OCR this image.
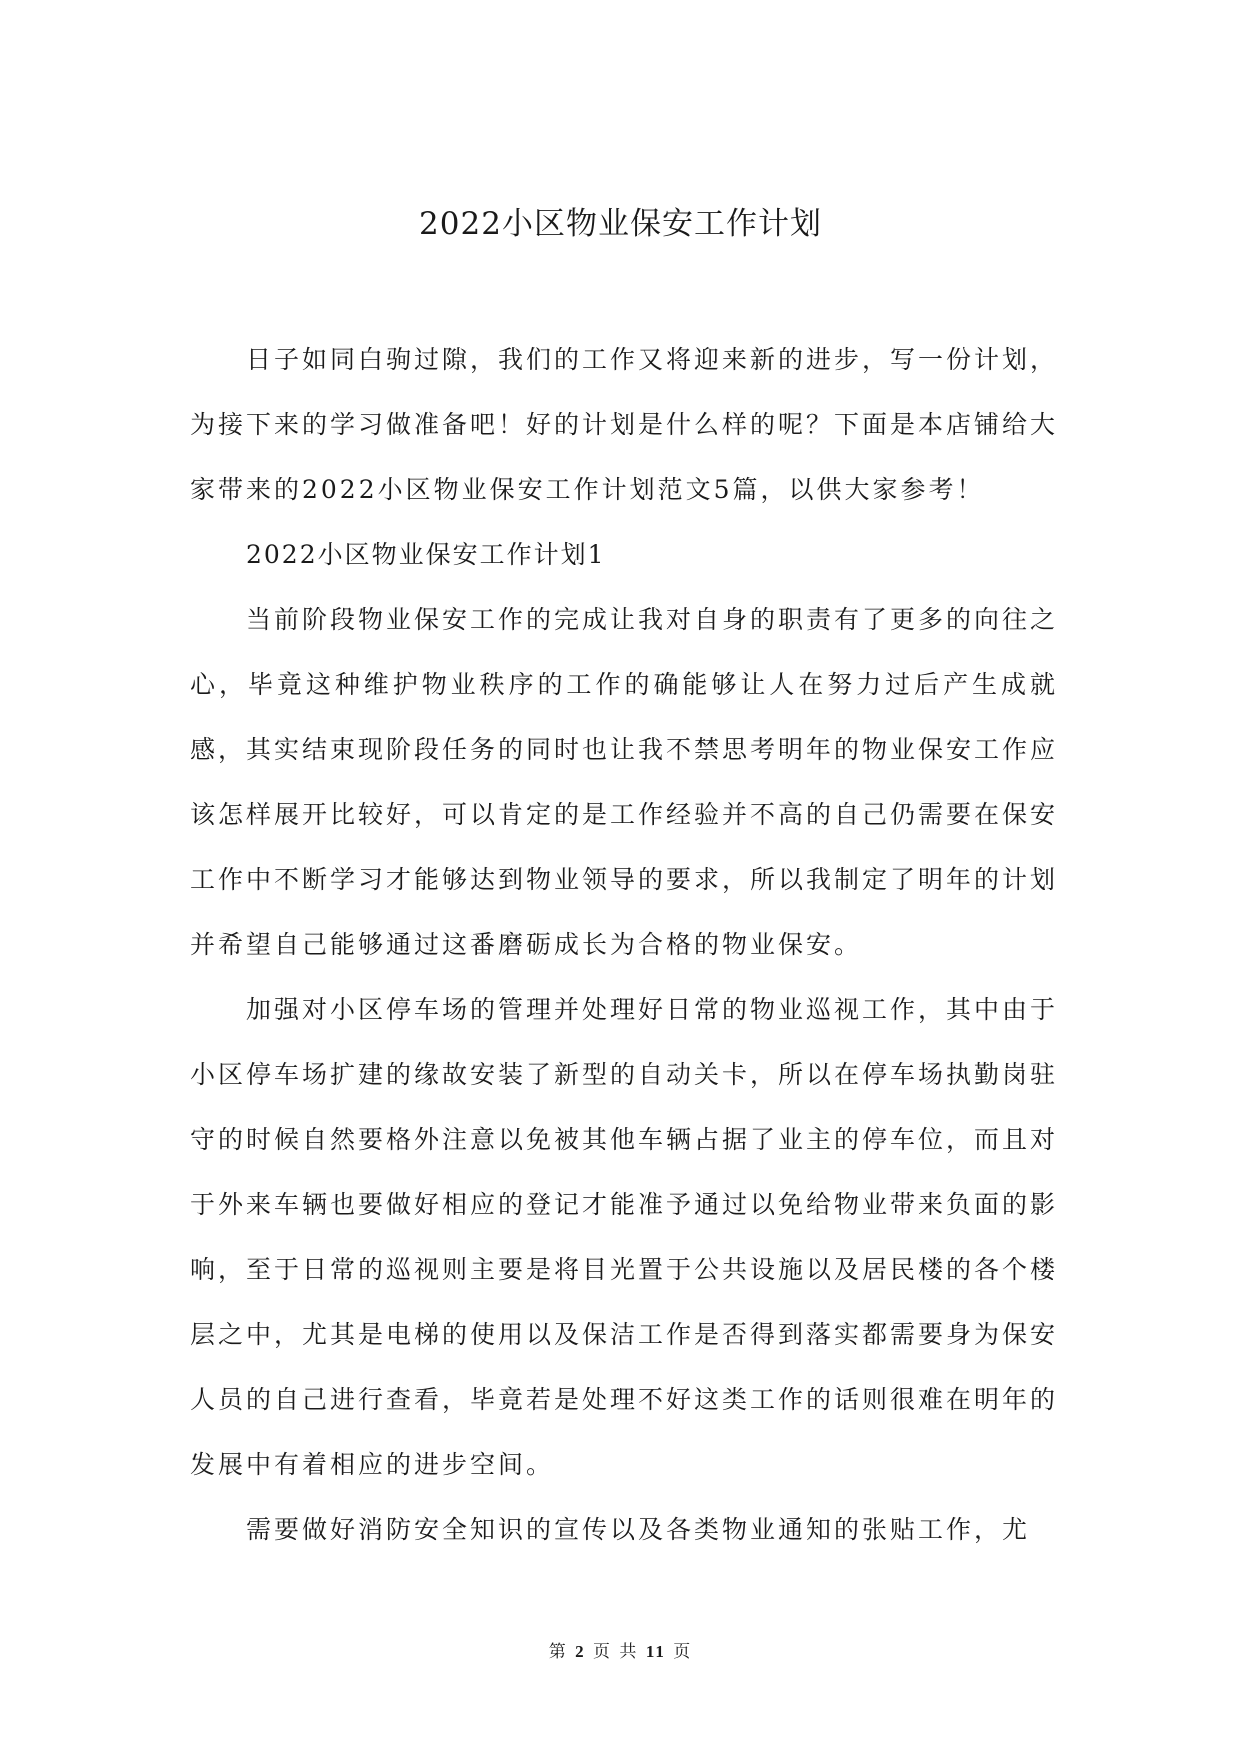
2022小区物业保安工作计划

日子如同白驹过隙，我们的工作又将迎来新的进步，写一份计划，为接下来的学习做准备吧！好的计划是什么样的呢？下面是本店铺给大家带来的2022小区物业保安工作计划范文5篇，以供大家参考！

2022小区物业保安工作计划1

当前阶段物业保安工作的完成让我对自身的职责有了更多的向往之心，毕竟这种维护物业秩序的工作的确能够让人在努力过后产生成就感，其实结束现阶段任务的同时也让我不禁思考明年的物业保安工作应该怎样展开比较好，可以肯定的是工作经验并不高的自己仍需要在保安工作中不断学习才能够达到物业领导的要求，所以我制定了明年的计划并希望自己能够通过这番磨砺成长为合格的物业保安。

加强对小区停车场的管理并处理好日常的物业巡视工作，其中由于小区停车场扩建的缘故安装了新型的自动关卡，所以在停车场执勤岗驻守的时候自然要格外注意以免被其他车辆占据了业主的停车位，而且对于外来车辆也要做好相应的登记才能准予通过以免给物业带来负面的影响，至于日常的巡视则主要是将目光置于公共设施以及居民楼的各个楼层之中，尤其是电梯的使用以及保洁工作是否得到落实都需要身为保安人员的自己进行查看，毕竟若是处理不好这类工作的话则很难在明年的发展中有着相应的进步空间。

需要做好消防安全知识的宣传以及各类物业通知的张贴工作，尤

第 2 页 共 11 页
